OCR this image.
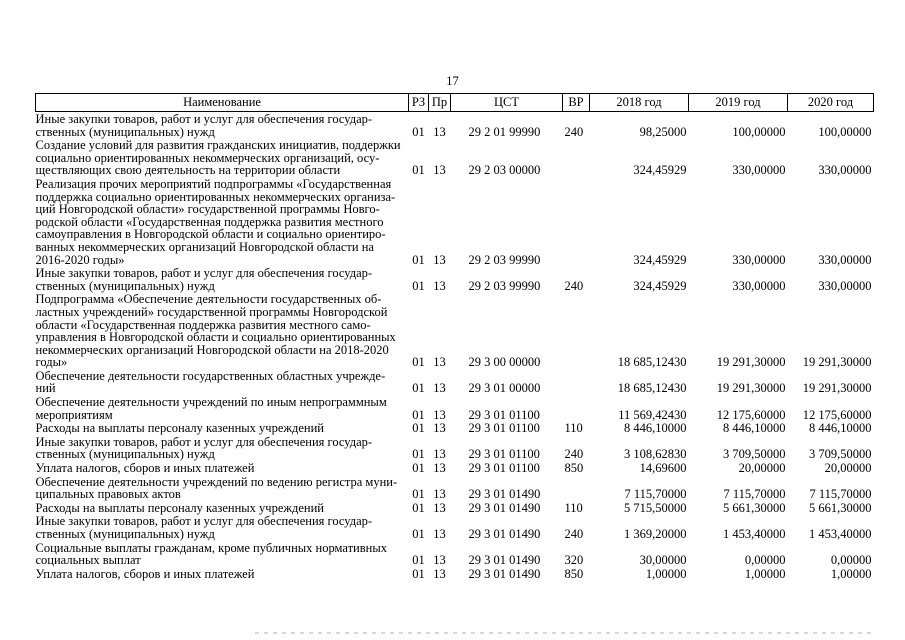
17
Наименование	РЗ	Пр	ЦСТ	ВР	2018 год	2019 год	2020 год
Иные закупки товаров, работ и услуг для обеспечения государ-ственных (муниципальных) нужд	01	13	29 2 01 99990	240	98,25000	100,00000	100,00000
Создание условий для развития гражданских инициатив, поддержки социально ориентированных некоммерческих организаций, осу-ществляющих свою деятельность на территории области	01	13	29 2 03 00000		324,45929	330,00000	330,00000
Реализация прочих мероприятий подпрограммы «Государственная поддержка социально ориентированных некоммерческих организа-ций Новгородской области» государственной программы Новго-родской области «Государственная поддержка развития местного самоуправления в Новгородской области и социально ориентиро-ванных некоммерческих организаций Новгородской области на 2016-2020 годы»	01	13	29 2 03 99990		324,45929	330,00000	330,00000
Иные закупки товаров, работ и услуг для обеспечения государ-ственных (муниципальных) нужд	01	13	29 2 03 99990	240	324,45929	330,00000	330,00000
Подпрограмма «Обеспечение деятельности государственных об-ластных учреждений» государственной программы Новгородской области «Государственная поддержка развития местного само-управления в Новгородской области и социально ориентированных некоммерческих организаций Новгородской области на 2018-2020 годы»	01	13	29 3 00 00000		18 685,12430	19 291,30000	19 291,30000
Обеспечение деятельности государственных областных учрежде-ний	01	13	29 3 01 00000		18 685,12430	19 291,30000	19 291,30000
Обеспечение деятельности учреждений по иным непрограммным мероприятиям	01	13	29 3 01 01100		11 569,42430	12 175,60000	12 175,60000
Расходы на выплаты персоналу казенных учреждений	01	13	29 3 01 01100	110	8 446,10000	8 446,10000	8 446,10000
Иные закупки товаров, работ и услуг для обеспечения государ-ственных (муниципальных) нужд	01	13	29 3 01 01100	240	3 108,62830	3 709,50000	3 709,50000
Уплата налогов, сборов и иных платежей	01	13	29 3 01 01100	850	14,69600	20,00000	20,00000
Обеспечение деятельности учреждений по ведению регистра муни-ципальных правовых актов	01	13	29 3 01 01490		7 115,70000	7 115,70000	7 115,70000
Расходы на выплаты персоналу казенных учреждений	01	13	29 3 01 01490	110	5 715,50000	5 661,30000	5 661,30000
Иные закупки товаров, работ и услуг для обеспечения государ-ственных (муниципальных) нужд	01	13	29 3 01 01490	240	1 369,20000	1 453,40000	1 453,40000
Социальные выплаты гражданам, кроме публичных нормативных социальных выплат	01	13	29 3 01 01490	320	30,00000	0,00000	0,00000
Уплата налогов, сборов и иных платежей	01	13	29 3 01 01490	850	1,00000	1,00000	1,00000
